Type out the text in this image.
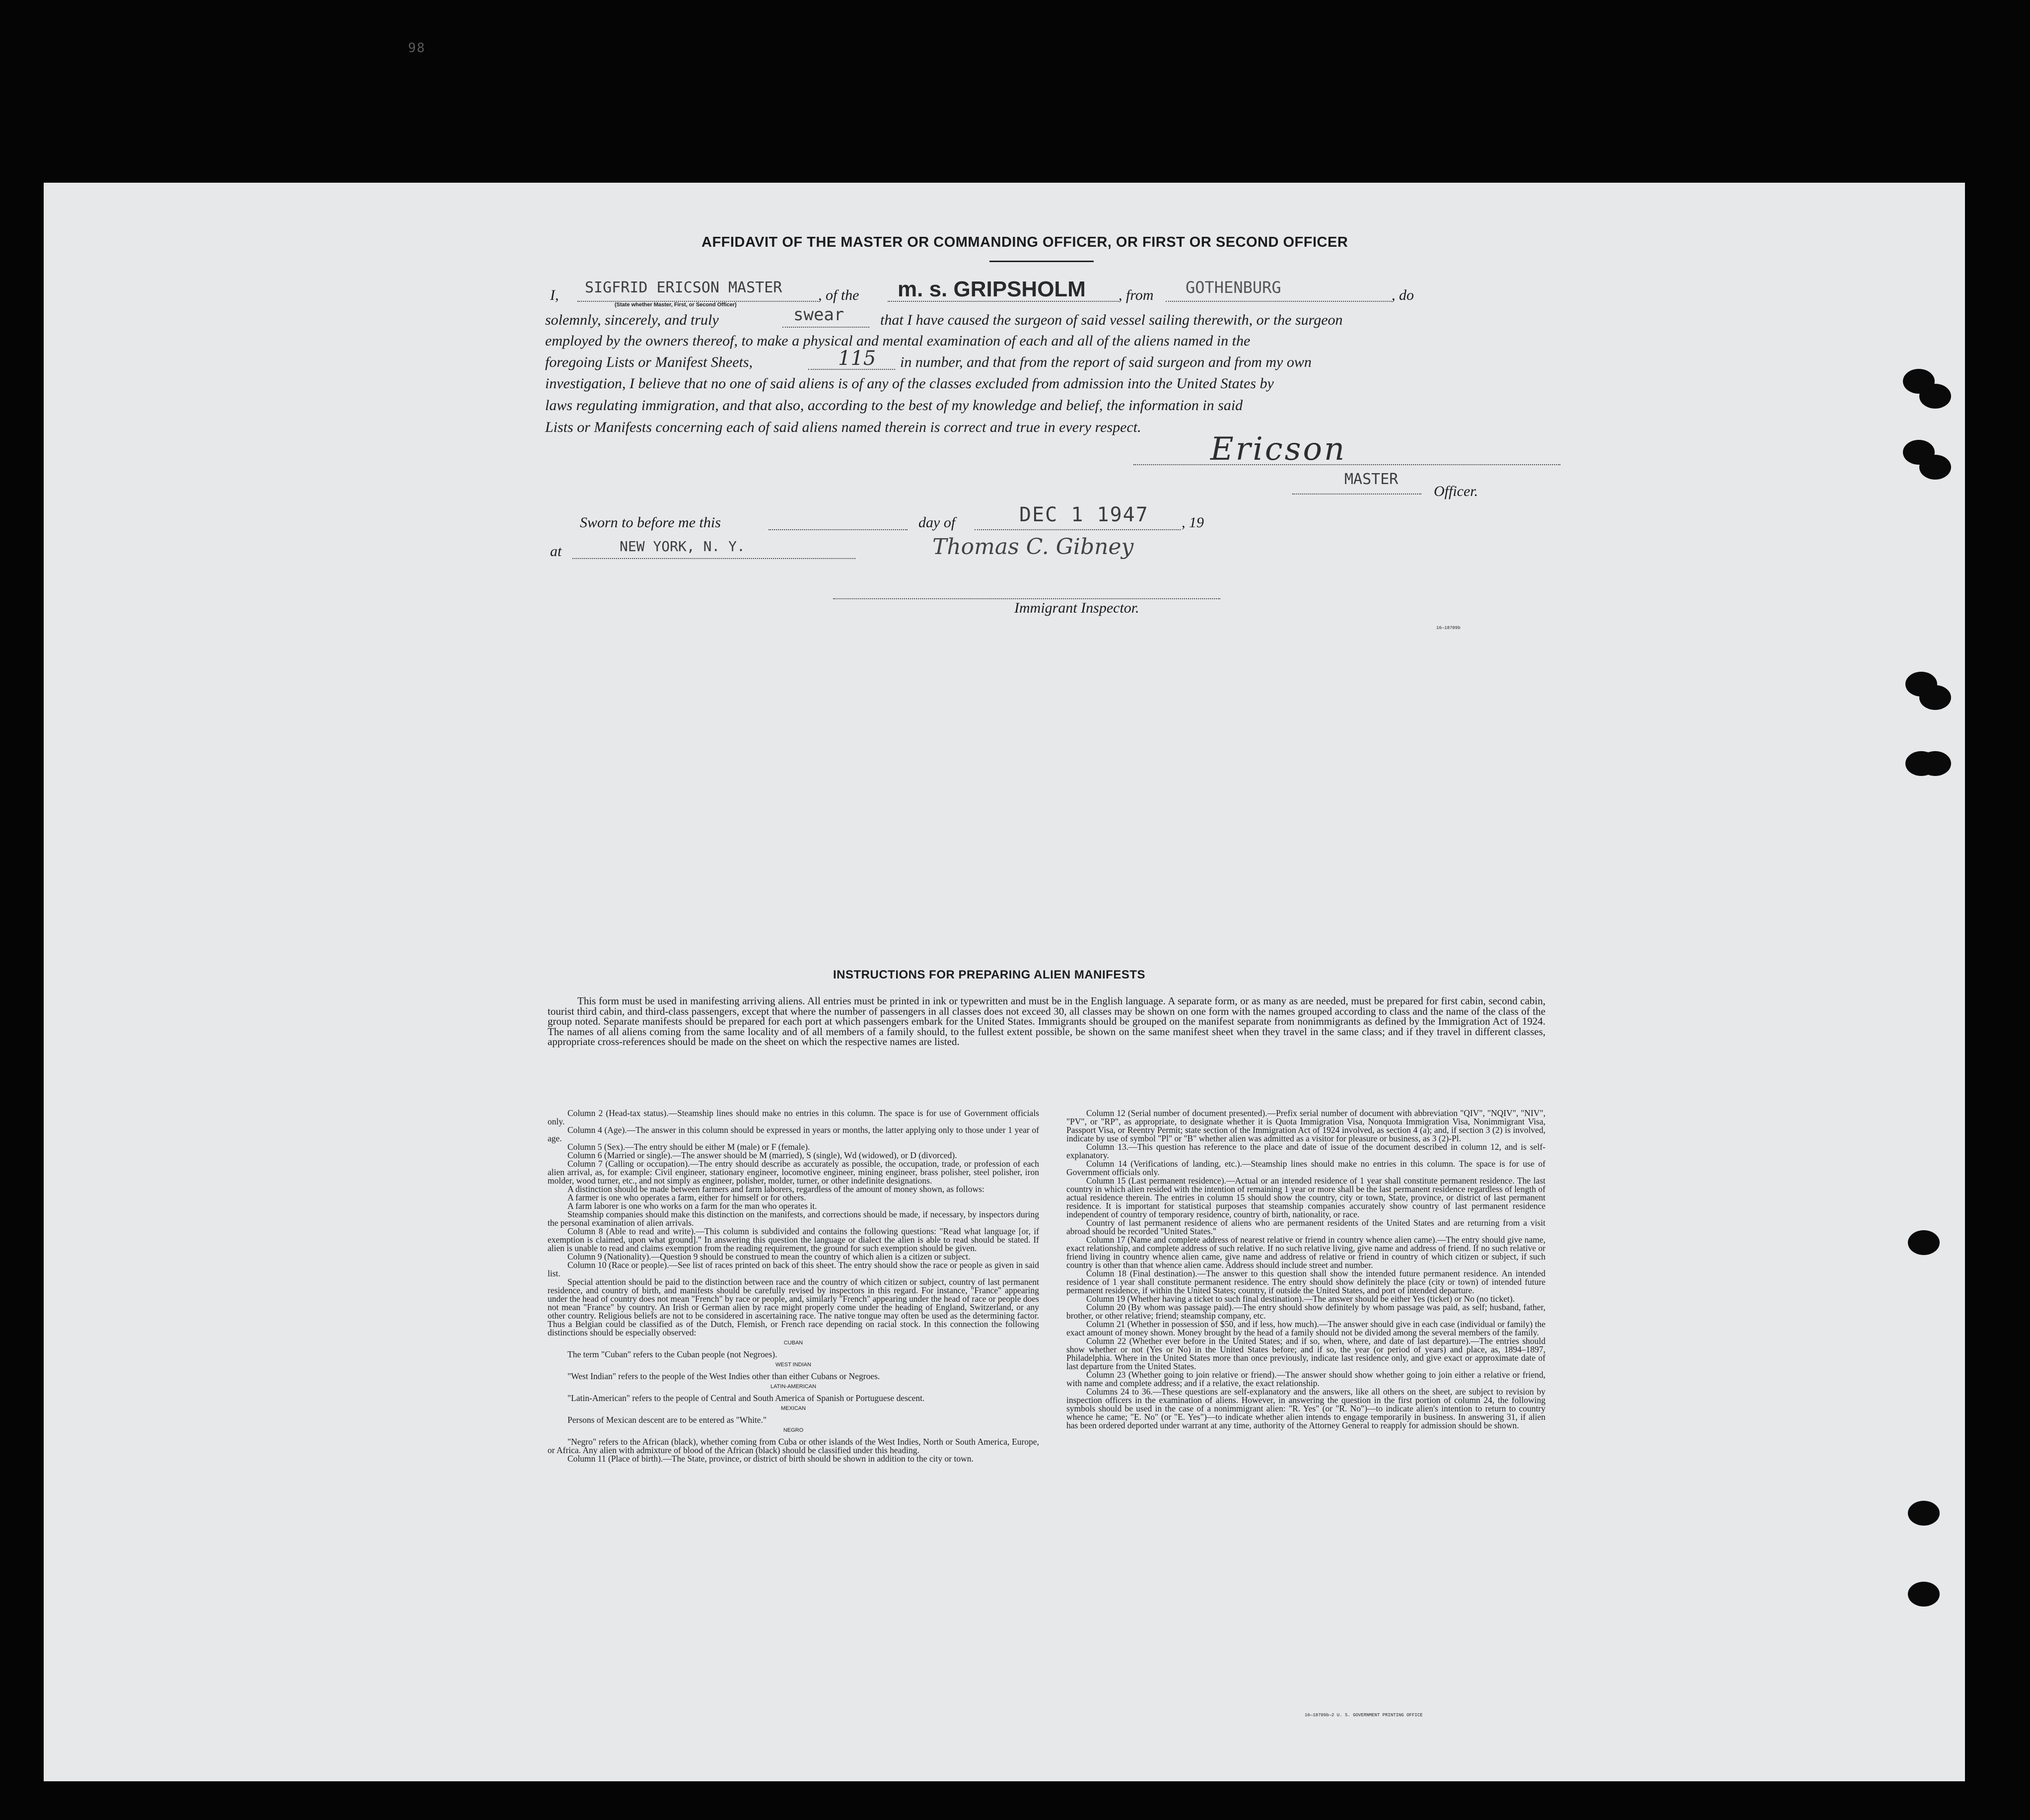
98
AFFIDAVIT OF THE MASTER OR COMMANDING OFFICER, OR FIRST OR SECOND OFFICER
I, SIGFRID ERICSON MASTER , of the m. s. GRIPSHOLM , from GOTHENBURG	, do
(State whether Master, First, or Second Officer)
solemnly, sincerely, and truly	swear that I have caused the surgeon of said vessel sailing therewith, or the surgeon
employed by the owners thereof, to make a physical and mental examination of each and all of the aliens named in the
foregoing Lists or Manifest Sheets,	115 in number, and that from the report of said surgeon and from my own
investigation, I believe that no one of said aliens is of any of the classes excluded from admission into the United States by
laws regulating immigration, and that also, according to the best of my knowledge and belief, the information in said
Lists or Manifests concerning each of said aliens named therein is correct and true in every respect.
Ericson
MASTER
Officer.
Sworn to before me this	day of	DEC 1 1947 , 19
at	NEW YORK, N. Y.	Thomas C. Gibney
Immigrant Inspector.
16—18709b
INSTRUCTIONS FOR PREPARING ALIEN MANIFESTS
This form must be used in manifesting arriving aliens. All entries must be printed in ink or typewritten and must be in the English language. A separate form, or as many as are needed, must be prepared for first cabin, second cabin, tourist third cabin, and third-class passengers, except that where the number of passengers in all classes does not exceed 30, all classes may be shown on one form with the names grouped according to class and the name of the class of the group noted. Separate manifests should be prepared for each port at which passengers embark for the United States. Immigrants should be grouped on the manifest separate from nonimmigrants as defined by the Immigration Act of 1924. The names of all aliens coming from the same locality and of all members of a family should, to the fullest extent possible, be shown on the same manifest sheet when they travel in the same class; and if they travel in different classes, appropriate cross-references should be made on the sheet on which the respective names are listed.

Column 2 (Head-tax status).—Steamship lines should make no entries in this column. The space is for use of Government officials only.

Column 4 (Age).—The answer in this column should be expressed in years or months, the latter applying only to those under 1 year of age.

Column 5 (Sex).—The entry should be either M (male) or F (female).

Column 6 (Married or single).—The answer should be M (married), S (single), Wd (widowed), or D (divorced).

Column 7 (Calling or occupation).—The entry should describe as accurately as possible, the occupation, trade, or profession of each alien arrival, as, for example: Civil engineer, stationary engineer, locomotive engineer, mining engineer, brass polisher, steel polisher, iron molder, wood turner, etc., and not simply as engineer, polisher, molder, turner, or other indefinite designations.

A distinction should be made between farmers and farm laborers, regardless of the amount of money shown, as follows:

A farmer is one who operates a farm, either for himself or for others.

A farm laborer is one who works on a farm for the man who operates it.

Steamship companies should make this distinction on the manifests, and corrections should be made, if necessary, by inspectors during the personal examination of alien arrivals.

Column 8 (Able to read and write).—This column is subdivided and contains the following questions: "Read what language [or, if exemption is claimed, upon what ground]." In answering this question the language or dialect the alien is able to read should be stated. If alien is unable to read and claims exemption from the reading requirement, the ground for such exemption should be given.

Column 9 (Nationality).—Question 9 should be construed to mean the country of which alien is a citizen or subject.

Column 10 (Race or people).—See list of races printed on back of this sheet. The entry should show the race or people as given in said list.

Special attention should be paid to the distinction between race and the country of which citizen or subject, country of last permanent residence, and country of birth, and manifests should be carefully revised by inspectors in this regard. For instance, "France" appearing under the head of country does not mean "French" by race or people, and, similarly "French" appearing under the head of race or people does not mean "France" by country. An Irish or German alien by race might properly come under the heading of England, Switzerland, or any other country. Religious beliefs are not to be considered in ascertaining race. The native tongue may often be used as the determining factor. Thus a Belgian could be classified as of the Dutch, Flemish, or French race depending on racial stock. In this connection the following distinctions should be especially observed:

CUBAN

The term "Cuban" refers to the Cuban people (not Negroes).

WEST INDIAN

"West Indian" refers to the people of the West Indies other than either Cubans or Negroes.

LATIN-AMERICAN

"Latin-American" refers to the people of Central and South America of Spanish or Portuguese descent.

MEXICAN

Persons of Mexican descent are to be entered as "White."

NEGRO

"Negro" refers to the African (black), whether coming from Cuba or other islands of the West Indies, North or South America, Europe, or Africa. Any alien with admixture of blood of the African (black) should be classified under this heading.

Column 11 (Place of birth).—The State, province, or district of birth should be shown in addition to the city or town.

Column 12 (Serial number of document presented).—Prefix serial number of document with abbreviation "QIV", "NQIV", "NIV", "PV", or "RP", as appropriate, to designate whether it is Quota Immigration Visa, Nonquota Immigration Visa, Nonimmigrant Visa, Passport Visa, or Reentry Permit; state section of the Immigration Act of 1924 involved, as section 4 (a); and, if section 3 (2) is involved, indicate by use of symbol "Pl" or "B" whether alien was admitted as a visitor for pleasure or business, as 3 (2)-Pl.

Column 13.—This question has reference to the place and date of issue of the document described in column 12, and is self-explanatory.

Column 14 (Verifications of landing, etc.).—Steamship lines should make no entries in this column. The space is for use of Government officials only.

Column 15 (Last permanent residence).—Actual or an intended residence of 1 year shall constitute permanent residence. The last country in which alien resided with the intention of remaining 1 year or more shall be the last permanent residence regardless of length of actual residence therein. The entries in column 15 should show the country, city or town, State, province, or district of last permanent residence. It is important for statistical purposes that steamship companies accurately show country of last permanent residence independent of country of temporary residence, country of birth, nationality, or race.

Country of last permanent residence of aliens who are permanent residents of the United States and are returning from a visit abroad should be recorded "United States."

Column 17 (Name and complete address of nearest relative or friend in country whence alien came).—The entry should give name, exact relationship, and complete address of such relative. If no such relative living, give name and address of friend. If no such relative or friend living in country whence alien came, give name and address of relative or friend in country of which citizen or subject, if such country is other than that whence alien came. Address should include street and number.

Column 18 (Final destination).—The answer to this question shall show the intended future permanent residence. An intended residence of 1 year shall constitute permanent residence. The entry should show definitely the place (city or town) of intended future permanent residence, if within the United States; country, if outside the United States, and port of intended departure.

Column 19 (Whether having a ticket to such final destination).—The answer should be either Yes (ticket) or No (no ticket).

Column 20 (By whom was passage paid).—The entry should show definitely by whom passage was paid, as self; husband, father, brother, or other relative; friend; steamship company, etc.

Column 21 (Whether in possession of $50, and if less, how much).—The answer should give in each case (individual or family) the exact amount of money shown. Money brought by the head of a family should not be divided among the several members of the family.

Column 22 (Whether ever before in the United States; and if so, when, where, and date of last departure).—The entries should show whether or not (Yes or No) in the United States before; and if so, the year (or period of years) and place, as, 1894–1897, Philadelphia. Where in the United States more than once previously, indicate last residence only, and give exact or approximate date of last departure from the United States.

Column 23 (Whether going to join relative or friend).—The answer should show whether going to join either a relative or friend, with name and complete address; and if a relative, the exact relationship.

Columns 24 to 36.—These questions are self-explanatory and the answers, like all others on the sheet, are subject to revision by inspection officers in the examination of aliens. However, in answering the question in the first portion of column 24, the following symbols should be used in the case of a nonimmigrant alien: "R. Yes" (or "R. No")—to indicate alien's intention to return to country whence he came; "E. No" (or "E. Yes")—to indicate whether alien intends to engage temporarily in business. In answering 31, if alien has been ordered deported under warrant at any time, authority of the Attorney General to reapply for admission should be shown.

16—18709b—2 U. S. GOVERNMENT PRINTING OFFICE
